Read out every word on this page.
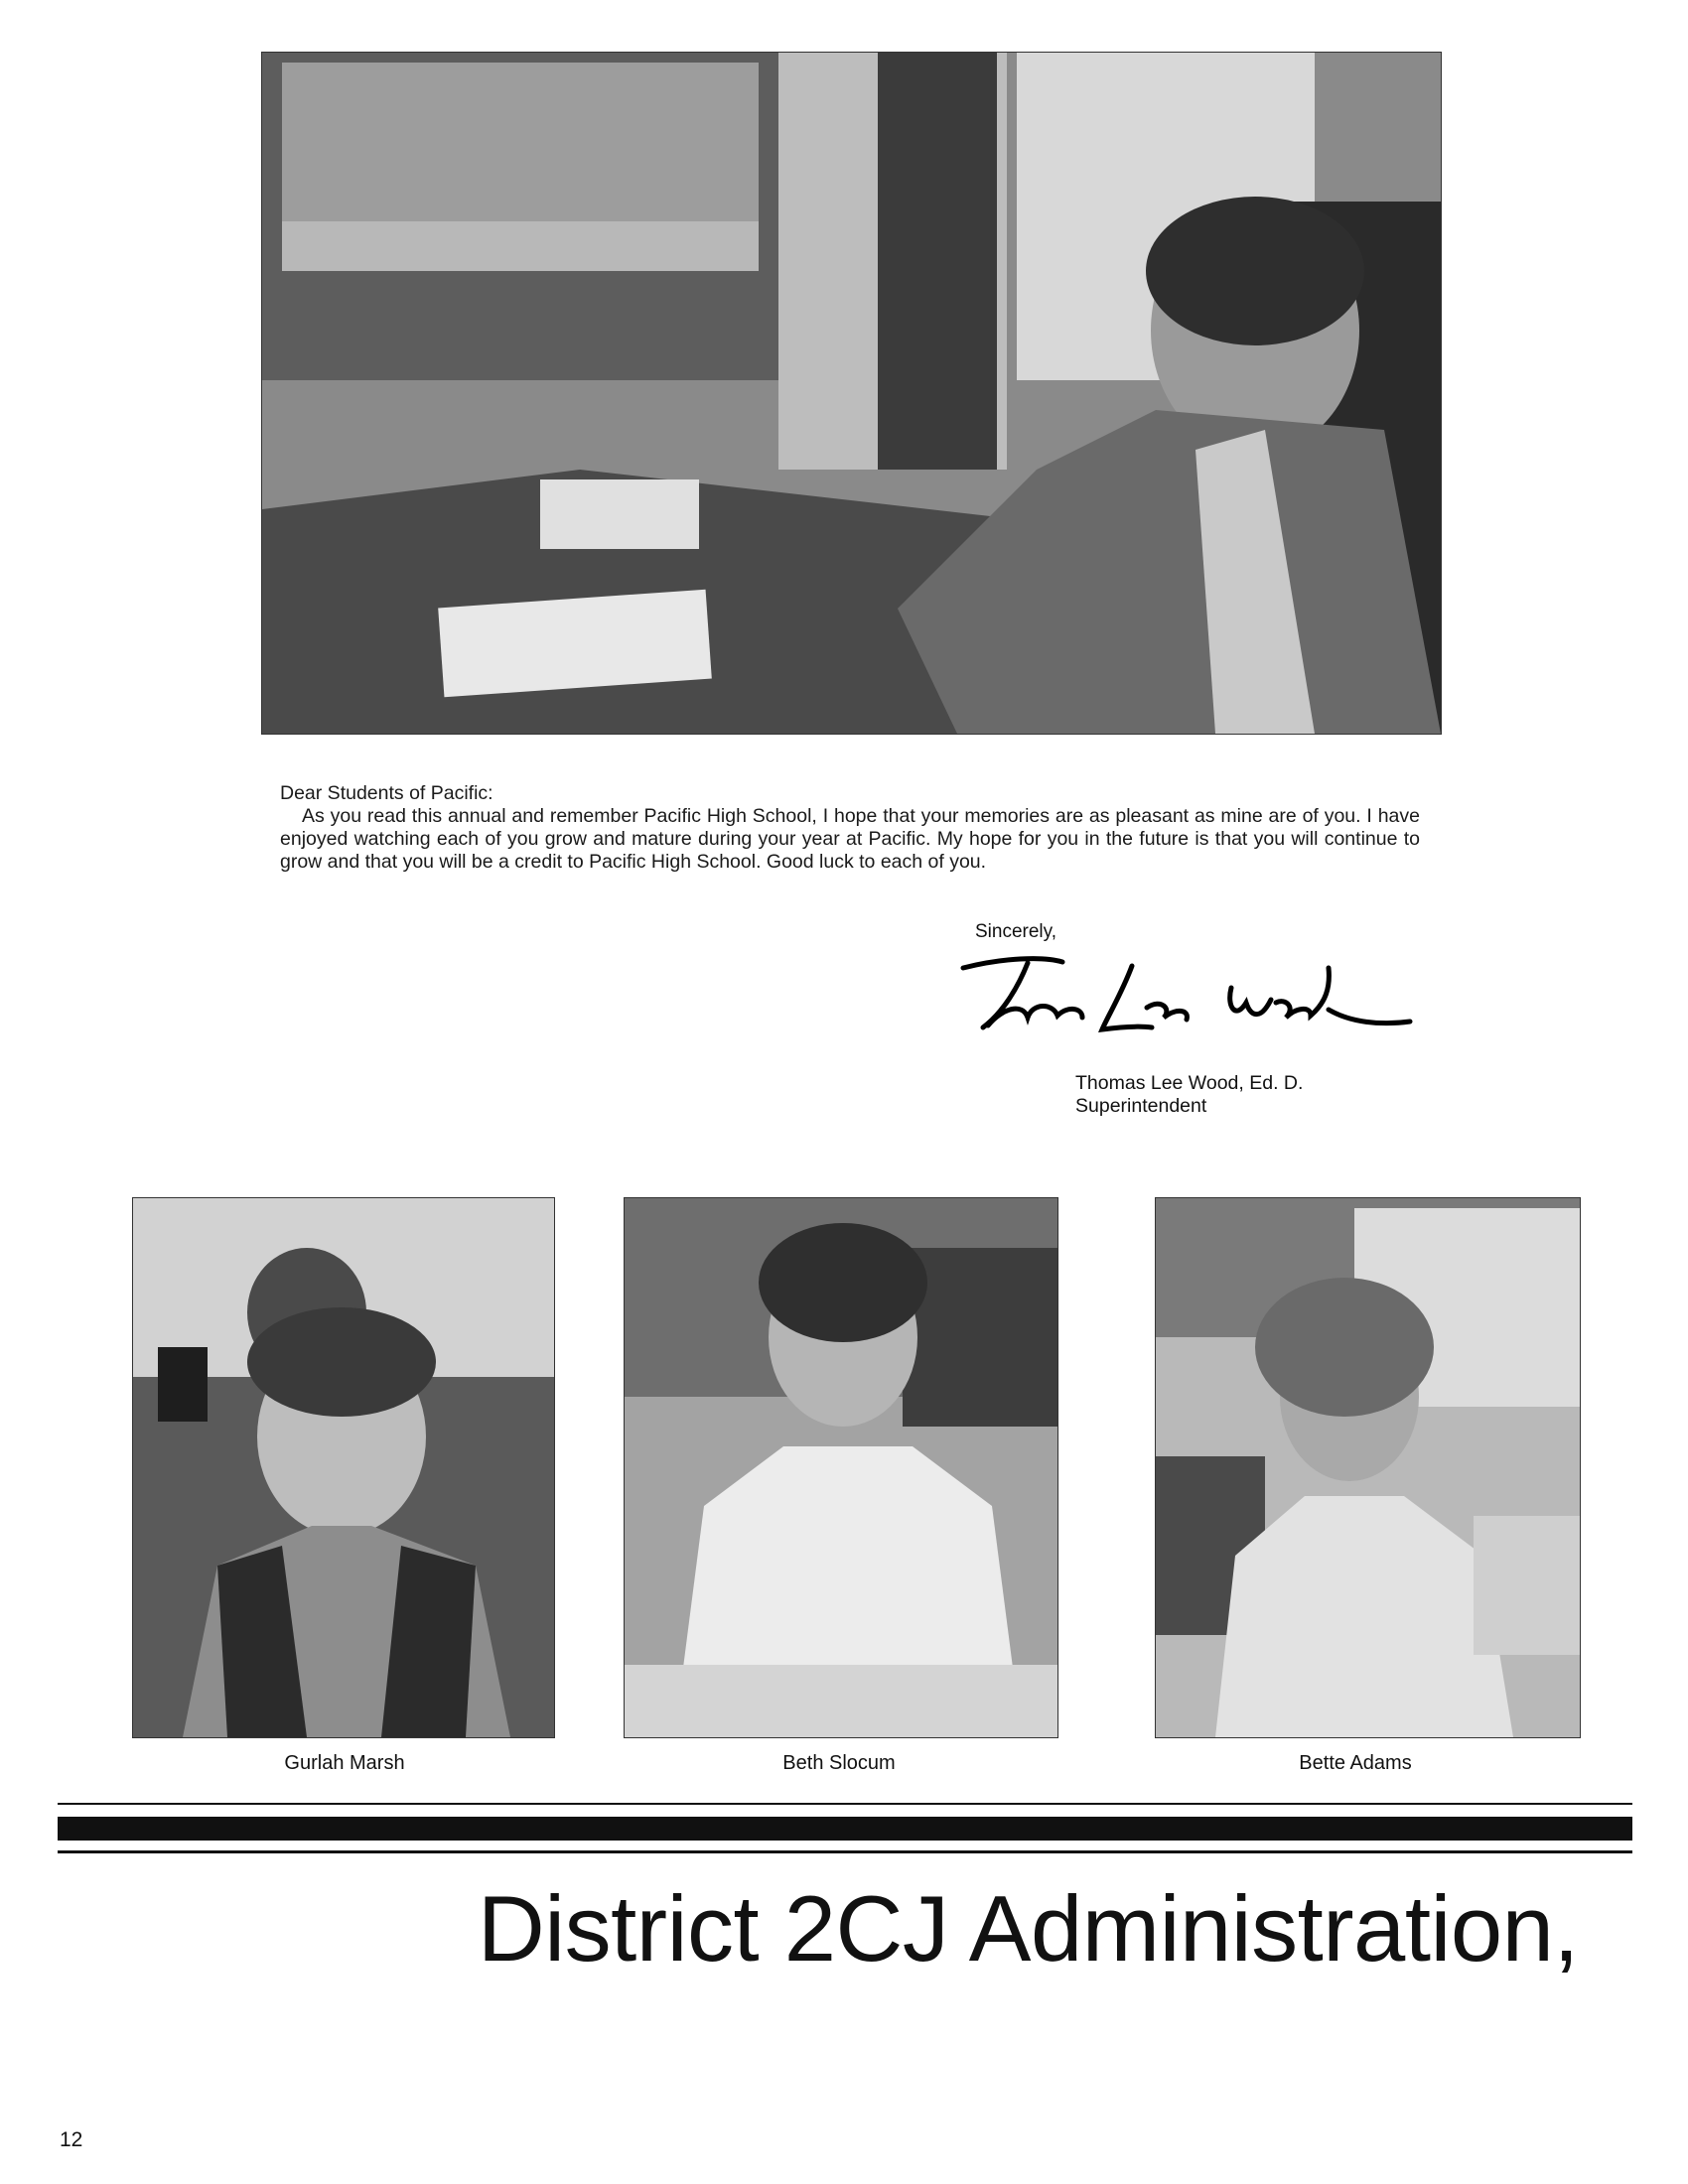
Dear Students of Pacific:

As you read this annual and remember Pacific High School, I hope that your memories are as pleasant as mine are of you. I have enjoyed watching each of you grow and mature during your year at Pacific. My hope for you in the future is that you will continue to grow and that you will be a credit to Pacific High School. Good luck to each of you.

Sincerely,
Thomas Lee Wood, Ed. D.
Superintendent
Gurlah Marsh	Beth Slocum	Bette Adams
District 2CJ Administration,
12
